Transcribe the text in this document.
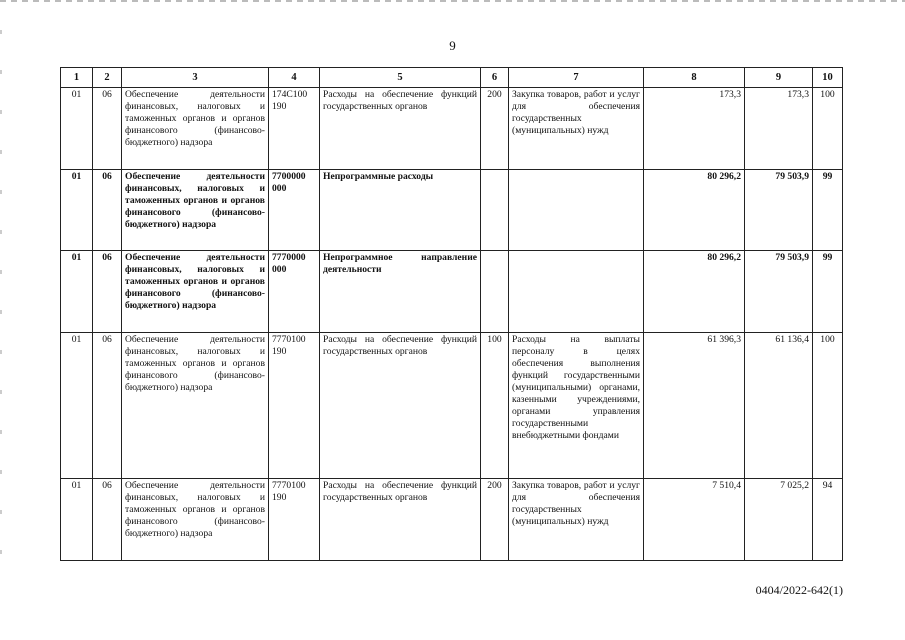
9
1	2	3	4	5	6	7	8	9	10
01	06	Обеспечение деятельности финансовых, налоговых и таможенных органов и органов финансового (финансово-бюджетного) надзора	174С100 190	Расходы на обеспечение функций государственных органов	200	Закупка товаров, работ и услуг для обеспечения государственных (муниципальных) нужд	173,3	173,3	100
01	06	Обеспечение деятельности финансовых, налоговых и таможенных органов и органов финансового (финансово-бюджетного) надзора	7700000 000	Непрограммные расходы			80 296,2	79 503,9	99
01	06	Обеспечение деятельности финансовых, налоговых и таможенных органов и органов финансового (финансово-бюджетного) надзора	7770000 000	Непрограммное направление деятельности			80 296,2	79 503,9	99
01	06	Обеспечение деятельности финансовых, налоговых и таможенных органов и органов финансового (финансово-бюджетного) надзора	7770100 190	Расходы на обеспечение функций государственных органов	100	Расходы на выплаты персоналу в целях обеспечения выполнения функций государственными (муниципальными) органами, казенными учреждениями, органами управления государственными внебюджетными фондами	61 396,3	61 136,4	100
01	06	Обеспечение деятельности финансовых, налоговых и таможенных органов и органов финансового (финансово-бюджетного) надзора	7770100 190	Расходы на обеспечение функций государственных органов	200	Закупка товаров, работ и услуг для обеспечения государственных (муниципальных) нужд	7 510,4	7 025,2	94
0404/2022-642(1)
